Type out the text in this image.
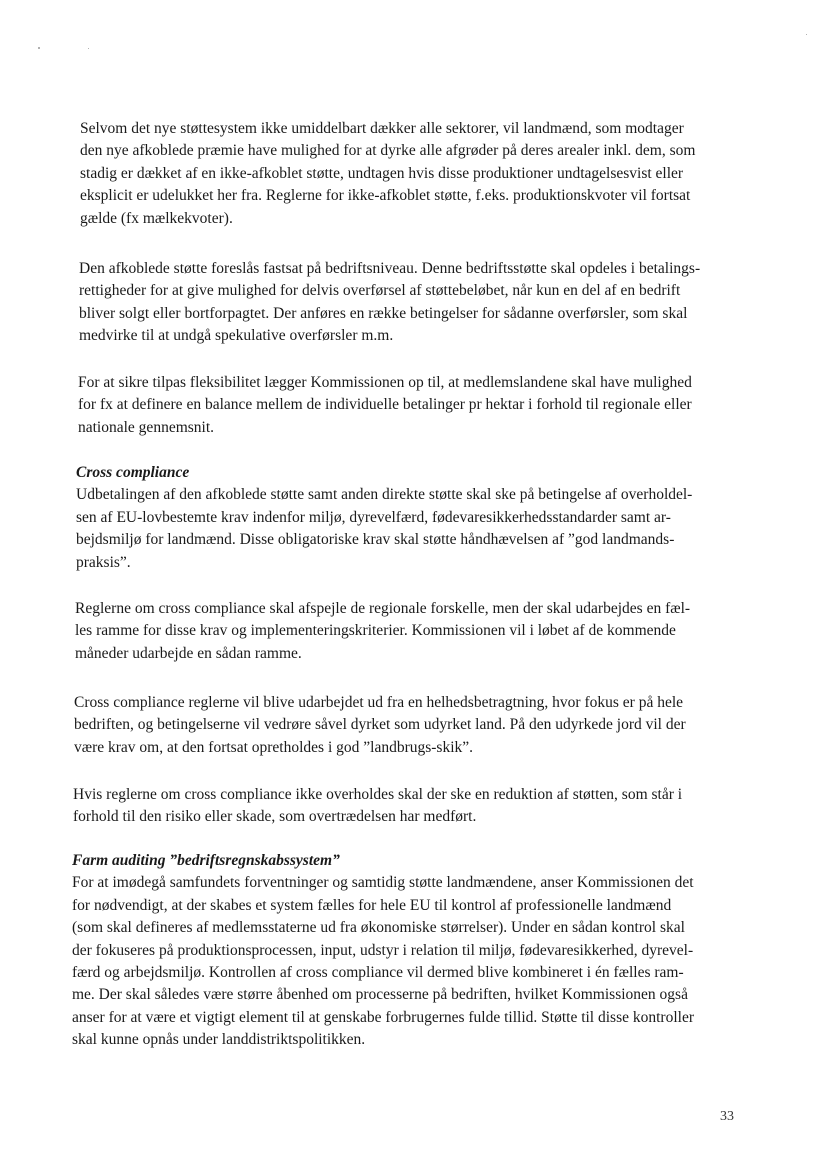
Selvom det nye støttesystem ikke umiddelbart dækker alle sektorer, vil landmænd, som modtager
den nye afkoblede præmie have mulighed for at dyrke alle afgrøder på deres arealer inkl. dem, som
stadig er dækket af en ikke-afkoblet støtte, undtagen hvis disse produktioner undtagelsesvist eller
eksplicit er udelukket her fra. Reglerne for ikke-afkoblet støtte, f.eks. produktionskvoter vil fortsat
gælde (fx mælkekvoter).
Den afkoblede støtte foreslås fastsat på bedriftsniveau. Denne bedriftsstøtte skal opdeles i betalings-
rettigheder for at give mulighed for delvis overførsel af støttebeløbet, når kun en del af en bedrift
bliver solgt eller bortforpagtet. Der anføres en række betingelser for sådanne overførsler, som skal
medvirke til at undgå spekulative overførsler m.m.
For at sikre tilpas fleksibilitet lægger Kommissionen op til, at medlemslandene skal have mulighed
for fx at definere en balance mellem de individuelle betalinger pr hektar i forhold til regionale eller
nationale gennemsnit.
Cross compliance
Udbetalingen af den afkoblede støtte samt anden direkte støtte skal ske på betingelse af overholdel-
sen af EU-lovbestemte krav indenfor miljø, dyrevelfærd, fødevaresikkerhedsstandarder samt ar-
bejdsmiljø for landmænd. Disse obligatoriske krav skal støtte håndhævelsen af ”god landmands-
praksis”.
Reglerne om cross compliance skal afspejle de regionale forskelle, men der skal udarbejdes en fæl-
les ramme for disse krav og implementeringskriterier. Kommissionen vil i løbet af de kommende
måneder udarbejde en sådan ramme.
Cross compliance reglerne vil blive udarbejdet ud fra en helhedsbetragtning, hvor fokus er på hele
bedriften, og betingelserne vil vedrøre såvel dyrket som udyrket land. På den udyrkede jord vil der
være krav om, at den fortsat opretholdes i god ”landbrugs-skik”.
Hvis reglerne om cross compliance ikke overholdes skal der ske en reduktion af støtten, som står i
forhold til den risiko eller skade, som overtrædelsen har medført.
Farm auditing ”bedriftsregnskabssystem”
For at imødegå samfundets forventninger og samtidig støtte landmændene, anser Kommissionen det
for nødvendigt, at der skabes et system fælles for hele EU til kontrol af professionelle landmænd
(som skal defineres af medlemsstaterne ud fra økonomiske størrelser). Under en sådan kontrol skal
der fokuseres på produktionsprocessen, input, udstyr i relation til miljø, fødevaresikkerhed, dyrevel-
færd og arbejdsmiljø. Kontrollen af cross compliance vil dermed blive kombineret i én fælles ram-
me. Der skal således være større åbenhed om processerne på bedriften, hvilket Kommissionen også
anser for at være et vigtigt element til at genskabe forbrugernes fulde tillid. Støtte til disse kontroller
skal kunne opnås under landdistriktspolitikken.
33
